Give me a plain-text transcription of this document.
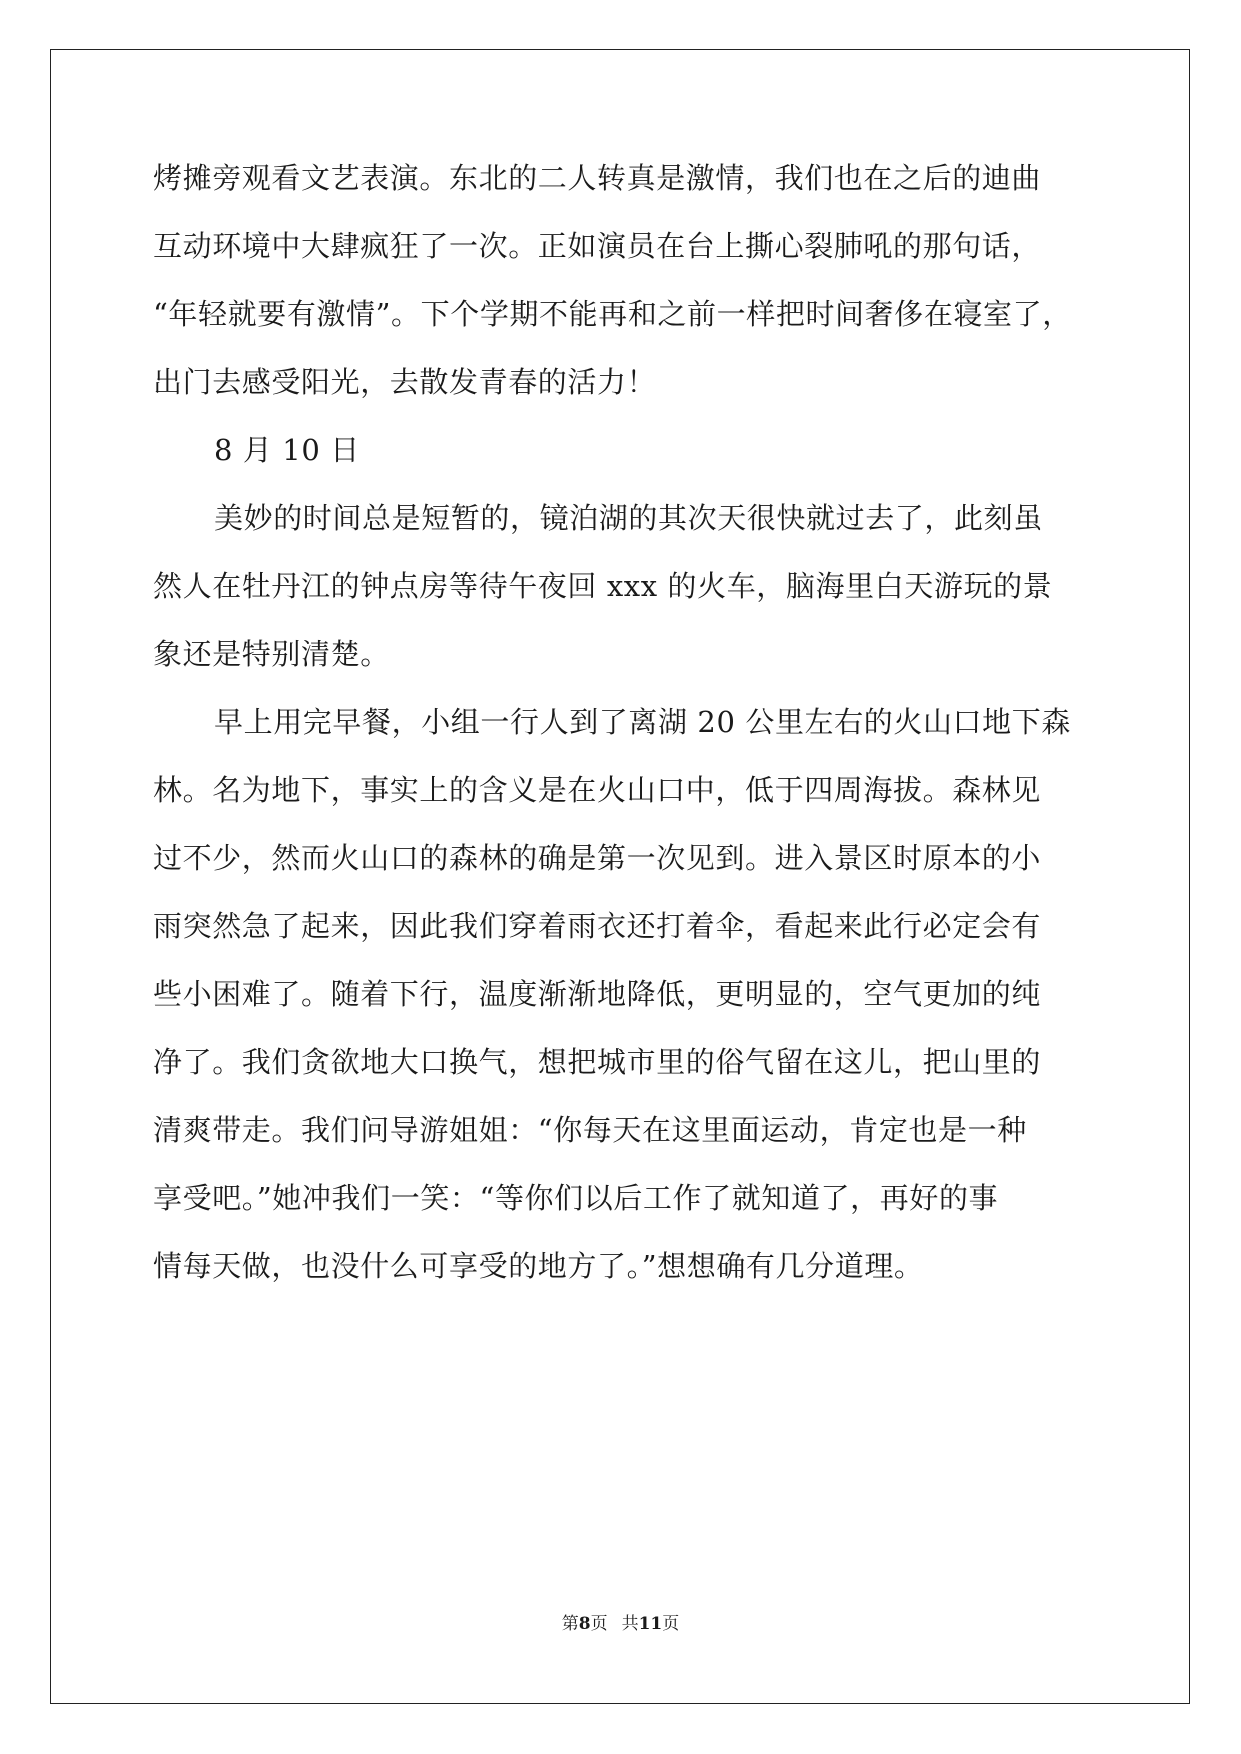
烤摊旁观看文艺表演。东北的二人转真是激情，我们也在之后的迪曲
互动环境中大肆疯狂了一次。正如演员在台上撕心裂肺吼的那句话，
“年轻就要有激情”。下个学期不能再和之前一样把时间奢侈在寝室了，
出门去感受阳光，去散发青春的活力！
8 月 10 日
美妙的时间总是短暂的，镜泊湖的其次天很快就过去了，此刻虽
然人在牡丹江的钟点房等待午夜回 xxx 的火车，脑海里白天游玩的景
象还是特别清楚。
早上用完早餐，小组一行人到了离湖 20 公里左右的火山口地下森
林。名为地下，事实上的含义是在火山口中，低于四周海拔。森林见
过不少，然而火山口的森林的确是第一次见到。进入景区时原本的小
雨突然急了起来，因此我们穿着雨衣还打着伞，看起来此行必定会有
些小困难了。随着下行，温度渐渐地降低，更明显的，空气更加的纯
净了。我们贪欲地大口换气，想把城市里的俗气留在这儿，把山里的
清爽带走。我们问导游姐姐：“你每天在这里面运动，肯定也是一种
享受吧。”她冲我们一笑：“等你们以后工作了就知道了，再好的事
情每天做，也没什么可享受的地方了。”想想确有几分道理。
第8页 共11页
